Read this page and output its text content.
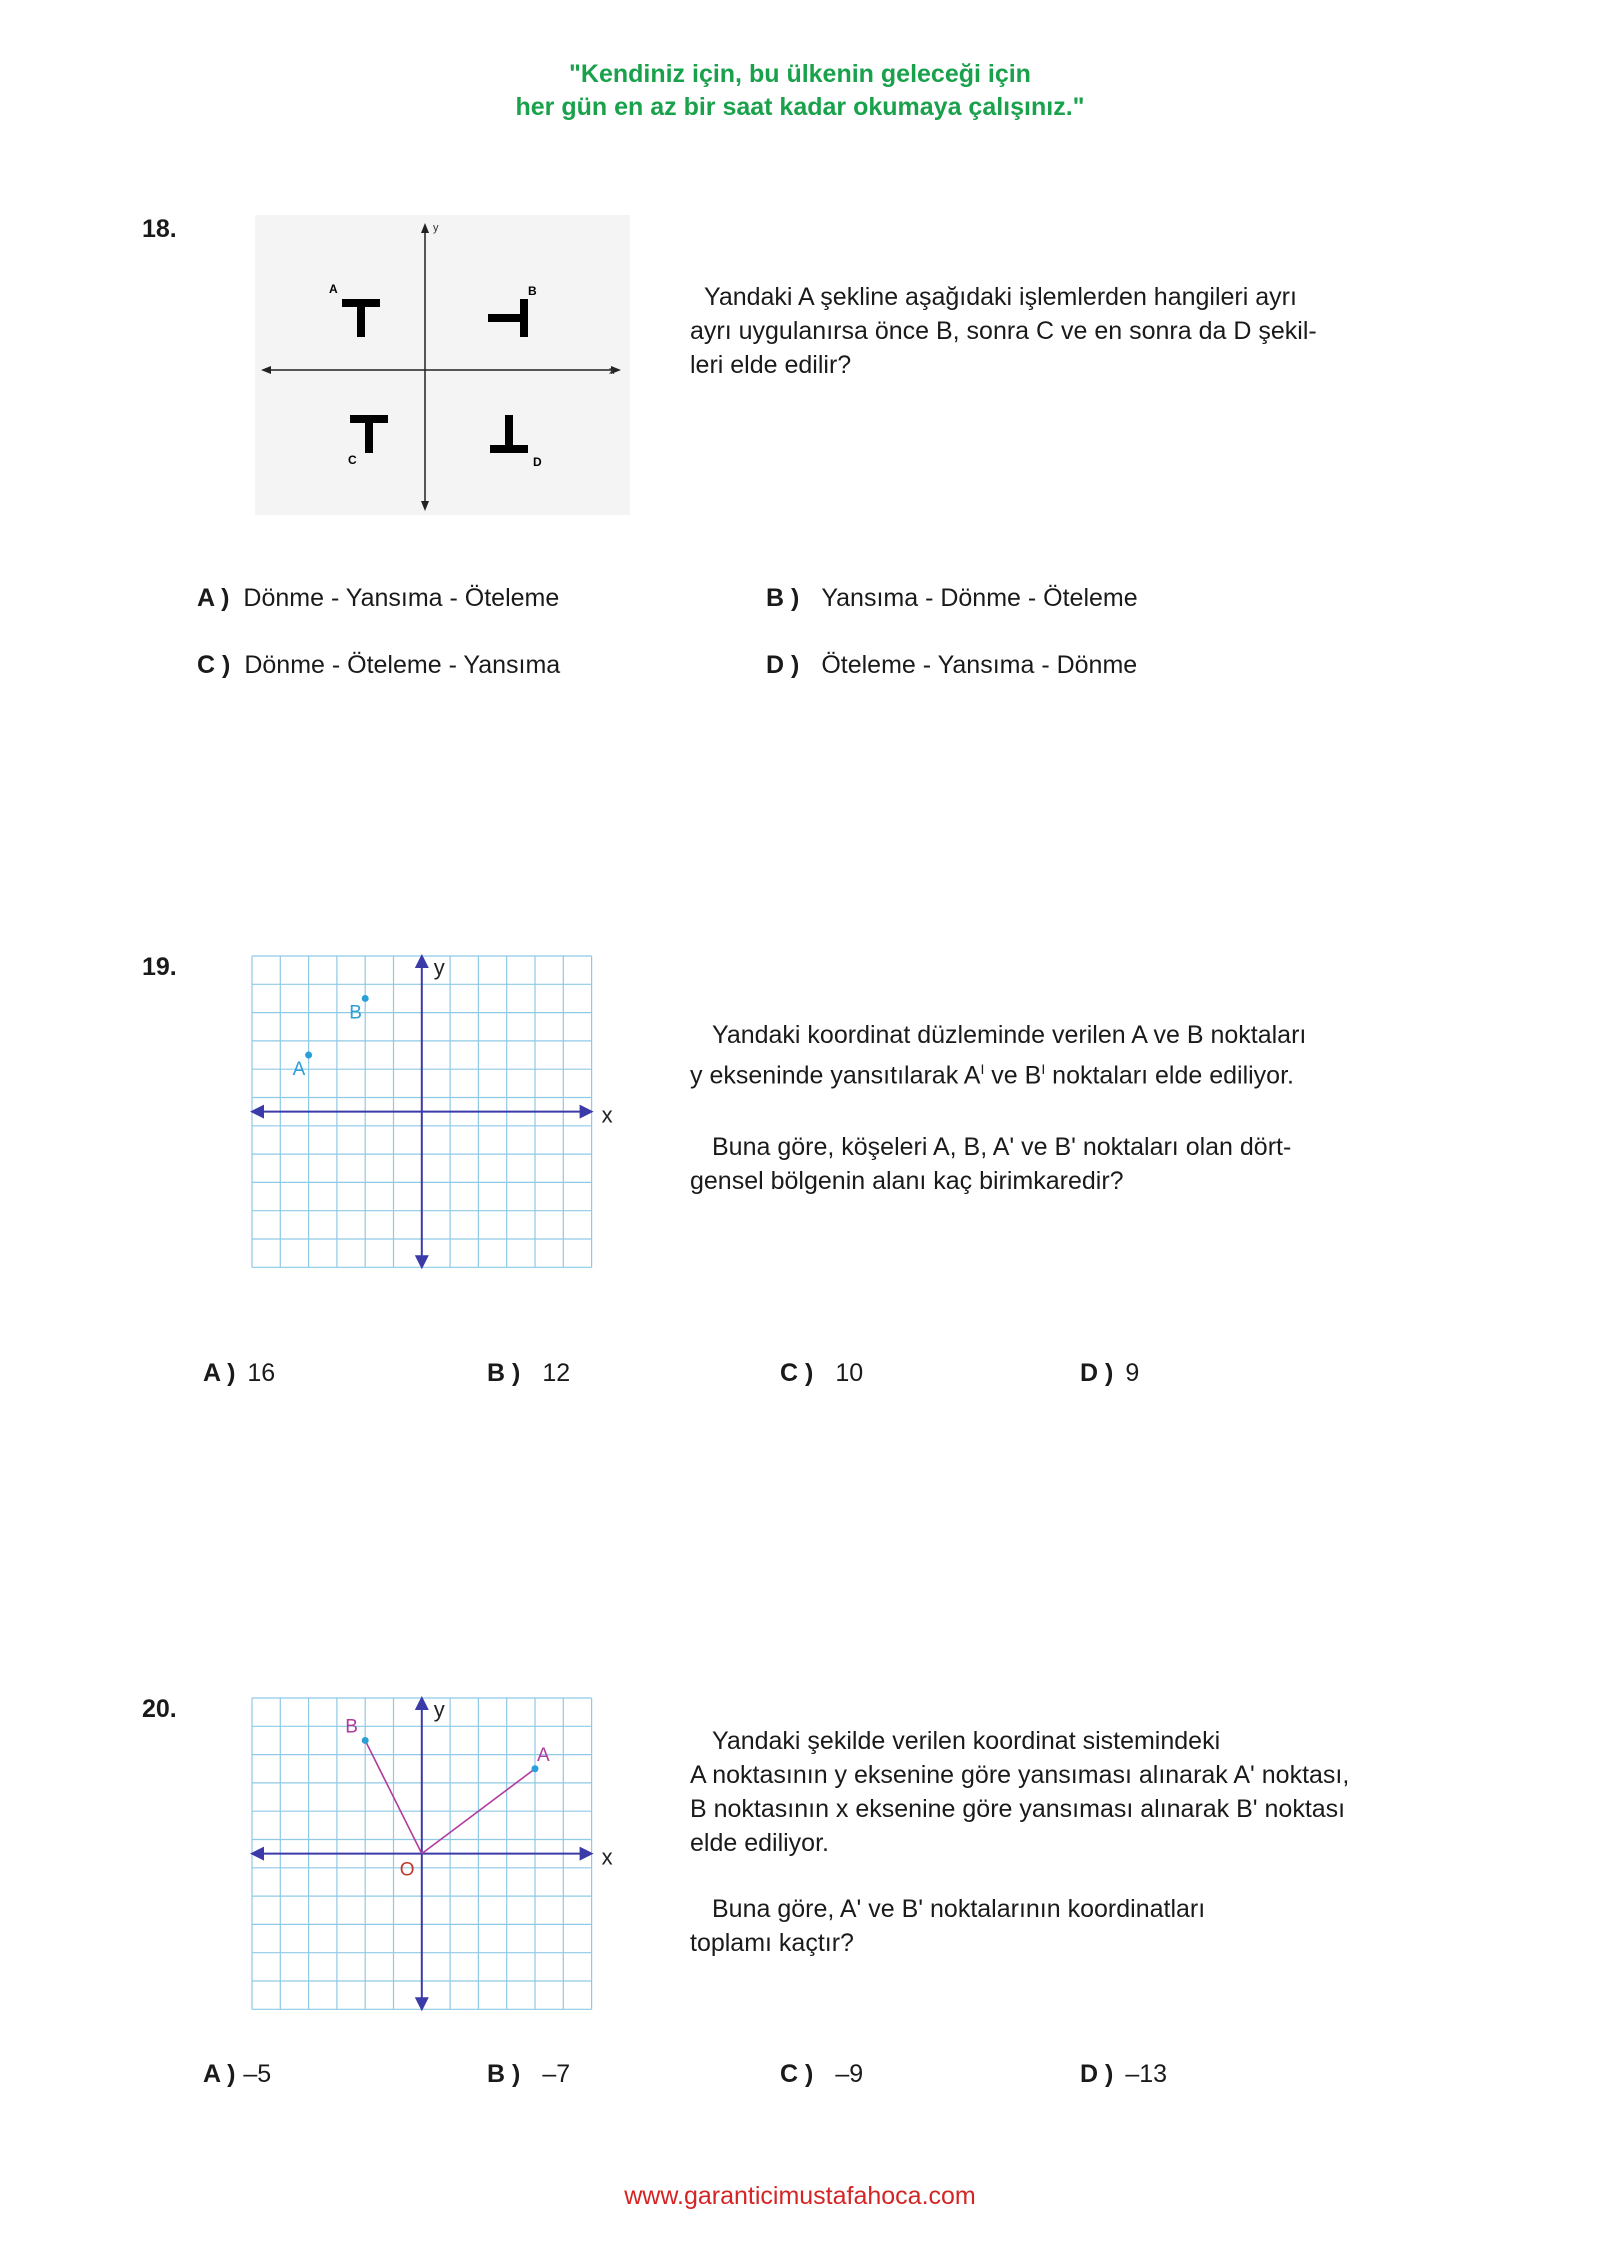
"Kendiniz için, bu ülkenin geleceği için
her gün en az bir saat kadar okumaya çalışınız."
18.
x
y
A	B
C	D
Yandaki A şekline aşağıdaki işlemlerden hangileri ayrı
ayrı uygulanırsa önce B, sonra C ve en sonra da D şekil-
leri elde edilir?
A ) Dönme - Yansıma - Öteleme	B ) Yansıma - Dönme - Öteleme
C ) Dönme - Öteleme - Yansıma	D ) Öteleme - Yansıma - Dönme
19.
x
y
A
B
Yandaki koordinat düzleminde verilen A ve B noktaları
y ekseninde yansıtılarak $A^I$ ve $B^I$ noktaları elde ediliyor.
Buna göre, köşeleri A, B, A' ve B' noktaları olan dört-
gensel bölgenin alanı kaç birimkaredir?
A ) 16	B ) 12	C ) 10	D ) 9
20.
x
y
A
B
O
Yandaki şekilde verilen koordinat sistemindeki
A noktasının y eksenine göre yansıması alınarak A' noktası,
B noktasının x eksenine göre yansıması alınarak B' noktası
elde ediliyor.
Buna göre, A' ve B' noktalarının koordinatları
toplamı kaçtır?
A ) –5	B ) –7	C ) –9	D ) –13
www.garanticimustafahoca.com
